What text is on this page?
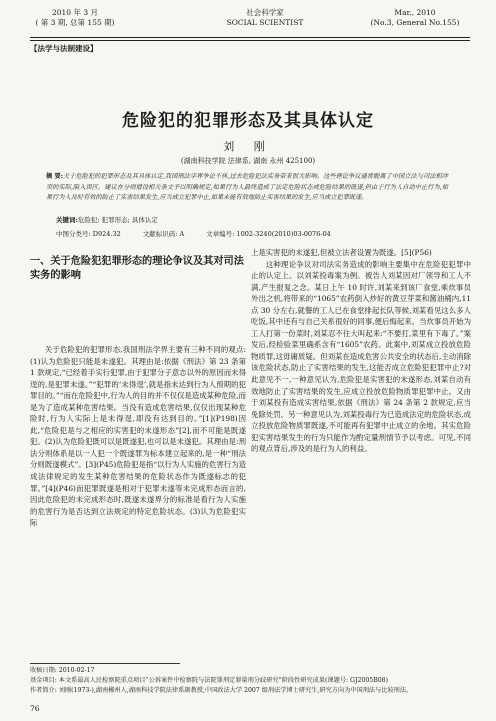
2010 年 3 月
( 第 3 期, 总第 155 期)
社会科学家
SOCIAL SCIENTIST
Mar., 2010
(No.3, General No.155)
【法学与法制建设】
危险犯的犯罪形态及其具体认定
刘 刚
(湖南科技学院 法律系, 湖南 永州 425100)
摘 要:关于危险犯的犯罪形态及其具体认定,我国刑法学界争论不休,过去危险犯法实务带来很大影响。这些理论争议通常脱离了中国立法与司法相冲突的实际,陷入误区。建议在分则增设相关条文予以明确规定,如果行为人最终造成了法定危险状态或危险结果的既遂,但由于行为人自动中止行为,如果行为人及时有效的防止了实害结果发生,应当成立犯罪中止,如果未能有效地防止实害结果的发生,应当成立犯罪既遂。
关键词:危险犯; 犯罪形态; 具体认定
中图分类号: D924.32	文献标识码: A	文章编号: 1002-3240(2010)03-0076-04
一、关于危险犯犯罪形态的理论争议及其对司法实务的影响

关于危险犯的犯罪形态,我国刑法学界主要有三种不同的观点: (1)认为危险犯只能是未遂犯。其理由是:依据《刑法》第 23 条第 1 款规定,“已经着手实行犯罪,由于犯罪分子意志以外的原因而未得逞的,是犯罪未遂。”“犯罪的‘未得逞’,就是指未达到行为人预期的犯罪目的。”“而在危险犯中,行为人的目的并不仅仅是造成某种危险,而是为了造成某种危害结果。当没有造成危害结果,仅仅出现某种危险时,行为人实际上是未得逞,即没有达到目的。”[1](P198)因此,“危险犯是与之相应的实害犯的未遂形态”[2],而不可能是既遂犯。(2)认为危险犯既可以是既遂犯,也可以是未遂犯。其理由是:刑法分则体系是以一人犯一个既遂罪为标本建立起来的,是一种“刑法分则既遂模式”。[3](P45)危险犯是指“以行为人实施的危害行为造成法律规定的发生某种危害结果的危险状态作为既遂标志的犯罪。”[4](P46)而犯罪既遂是相对于犯罪未遂等未完成形态而言的,因此危险犯的未完成形态时,既遂未遂界分的标准是看行为人实施的危害行为是否达到立法规定的特定危险状态。(3)认为危险犯实际

上是实害犯的未遂犯,但被立法者设置为既遂。[5](P56)

这种理论争议对司法实务造成的影响主要集中在危险犯犯罪中止的认定上。以刘某投毒案为例。被告人刘某因对厂领导和工人不满,产生报复之念。某日上午 10 时许,刘某来到该厂食堂,乘炊事员外出之机,将带来的“1065”农药倒入炒好的黄豆芽菜和酱油桶内,11 点 30 分左右,就餐的工人已在食堂排起长队等候,刘某看见这么多人吃饭,其中还有与自己关系很好的同事,便后悔起来。当炊事员开始为工人打第一份菜时,刘某忍不住大叫起来:“不要打,菜里有下毒了。”案发后,经检验菜里确系含有“1605”农药。此案中,刘某成立投放危险物质罪,这毋庸质疑。但刘某在造成危害公共安全的状态后,主动消除该危险状态,防止了实害结果的发生,这能否成立危险犯犯罪中止?对此意见不一,一种意见认为,危险犯是实害犯的未遂形态,刘某自动有效地防止了实害结果的发生,应成立投放危险物质罪犯罪中止。又由于刘某投有造成实害结果,依据《刑法》第 24 条第 2 款规定,应当免除处罚。另一种意见认为,刘某投毒行为已造成法定的危险状态,成立投放危险物质罪既遂,不可能再有犯罪中止成立的余地。其实危险犯实害结果发生的行为只能作为酌定量刑情节予以考虑。可见,不同的观点背后,涉及的是行为人的利益。

收稿日期: 2010-02-17

基金项目: 本文系最高人民检察院重点项目“公诉案件中检察院与法院罪刑定罪量刑分歧研究”阶段性研究成果(课题号: GJ2005B08)

作者简介: 刘刚(1973-),湖南郴州人,湖南科技学院法律系副教授,中国政法大学 2007 级刑法学博士研究生,研究方向为中国刑法与比较刑法。

76
